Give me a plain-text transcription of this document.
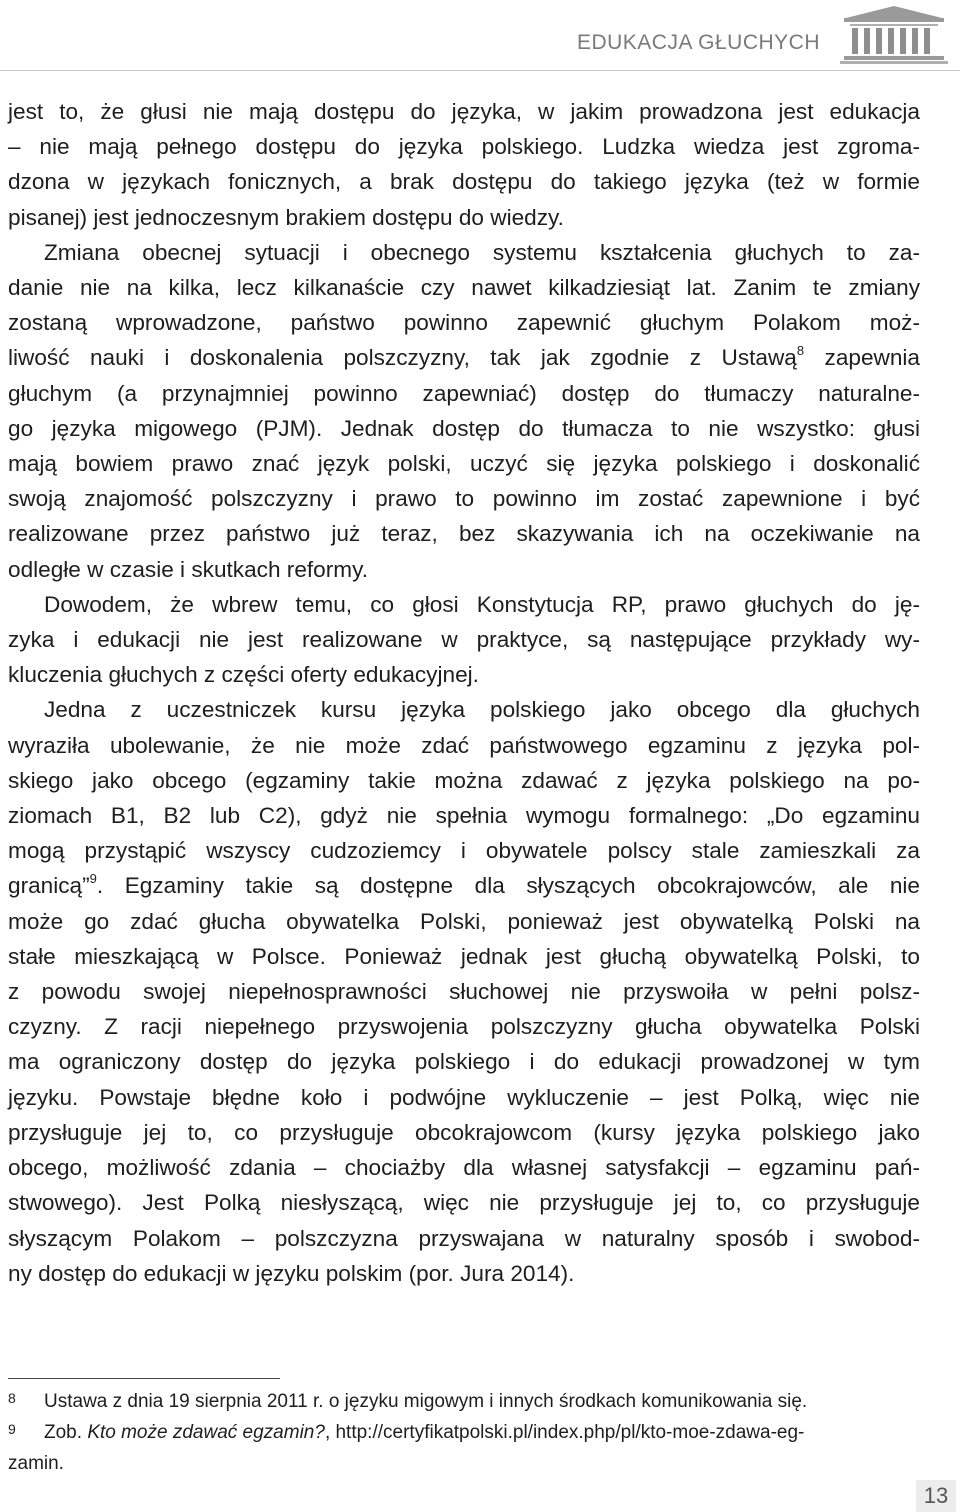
EDUKACJA GŁUCHYCH
jest to, że głusi nie mają dostępu do języka, w jakim prowadzona jest edukacja
– nie mają pełnego dostępu do języka polskiego. Ludzka wiedza jest zgroma-
dzona w językach fonicznych, a brak dostępu do takiego języka (też w formie
pisanej) jest jednoczesnym brakiem dostępu do wiedzy.
Zmiana obecnej sytuacji i obecnego systemu kształcenia głuchych to za-
danie nie na kilka, lecz kilkanaście czy nawet kilkadziesiąt lat. Zanim te zmiany
zostaną wprowadzone, państwo powinno zapewnić głuchym Polakom moż-
liwość nauki i doskonalenia polszczyzny, tak jak zgodnie z Ustawą$^8$ zapewnia
głuchym (a przynajmniej powinno zapewniać) dostęp do tłumaczy naturalne-
go języka migowego (PJM). Jednak dostęp do tłumacza to nie wszystko: głusi
mają bowiem prawo znać język polski, uczyć się języka polskiego i doskonalić
swoją znajomość polszczyzny i prawo to powinno im zostać zapewnione i być
realizowane przez państwo już teraz, bez skazywania ich na oczekiwanie na
odległe w czasie i skutkach reformy.
Dowodem, że wbrew temu, co głosi Konstytucja RP, prawo głuchych do ję-
zyka i edukacji nie jest realizowane w praktyce, są następujące przykłady wy-
kluczenia głuchych z części oferty edukacyjnej.
Jedna z uczestniczek kursu języka polskiego jako obcego dla głuchych
wyraziła ubolewanie, że nie może zdać państwowego egzaminu z języka pol-
skiego jako obcego (egzaminy takie można zdawać z języka polskiego na po-
ziomach B1, B2 lub C2), gdyż nie spełnia wymogu formalnego: „Do egzaminu
mogą przystąpić wszyscy cudzoziemcy i obywatele polscy stale zamieszkali za
granicą”$^9$. Egzaminy takie są dostępne dla słyszących obcokrajowców, ale nie
może go zdać głucha obywatelka Polski, ponieważ jest obywatelką Polski na
stałe mieszkającą w Polsce. Ponieważ jednak jest głuchą obywatelką Polski, to
z powodu swojej niepełnosprawności słuchowej nie przyswoiła w pełni polsz-
czyzny. Z racji niepełnego przyswojenia polszczyzny głucha obywatelka Polski
ma ograniczony dostęp do języka polskiego i do edukacji prowadzonej w tym
języku. Powstaje błędne koło i podwójne wykluczenie – jest Polką, więc nie
przysługuje jej to, co przysługuje obcokrajowcom (kursy języka polskiego jako
obcego, możliwość zdania – chociażby dla własnej satysfakcji – egzaminu pań-
stwowego). Jest Polką niesłyszącą, więc nie przysługuje jej to, co przysługuje
słyszącym Polakom – polszczyzna przyswajana w naturalny sposób i swobod-
ny dostęp do edukacji w języku polskim (por. Jura 2014).
8 Ustawa z dnia 19 sierpnia 2011 r. o języku migowym i innych środkach komunikowania się.
9 Zob. Kto może zdawać egzamin?, http://certyfikatpolski.pl/index.php/pl/kto-moe-zdawa-eg-
zamin.
13
